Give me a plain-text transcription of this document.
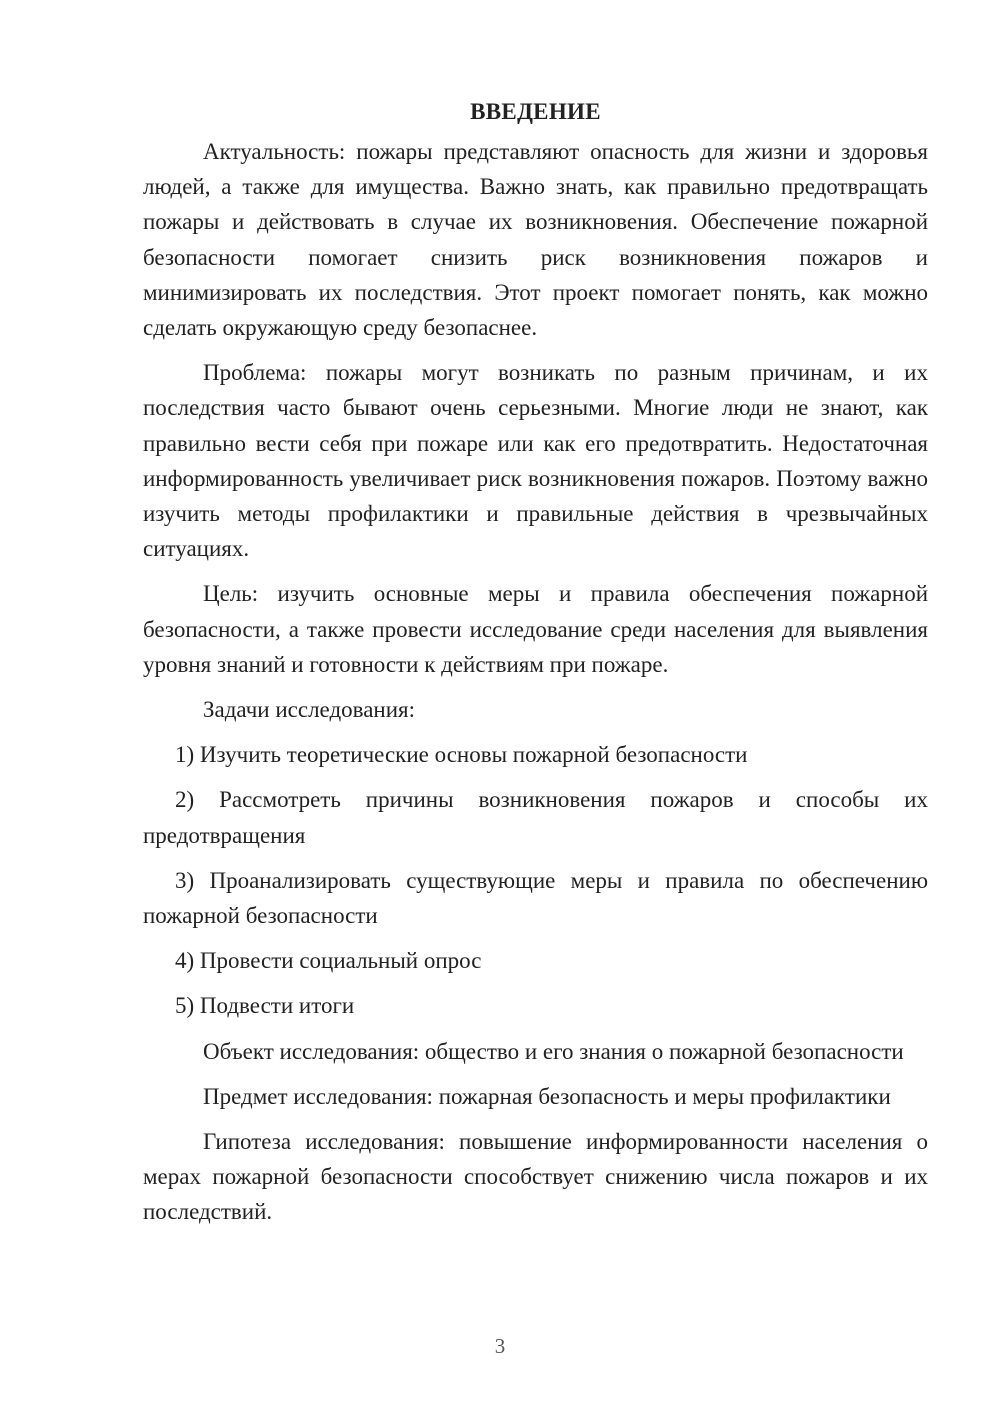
ВВЕДЕНИЕ

Актуальность: пожары представляют опасность для жизни и здоровья людей, а также для имущества. Важно знать, как правильно предотвращать пожары и действовать в случае их возникновения. Обеспечение пожарной безопасности помогает снизить риск возникновения пожаров и минимизировать их последствия. Этот проект помогает понять, как можно сделать окружающую среду безопаснее.

Проблема: пожары могут возникать по разным причинам, и их последствия часто бывают очень серьезными. Многие люди не знают, как правильно вести себя при пожаре или как его предотвратить. Недостаточная информированность увеличивает риск возникновения пожаров. Поэтому важно изучить методы профилактики и правильные действия в чрезвычайных ситуациях.

Цель: изучить основные меры и правила обеспечения пожарной безопасности, а также провести исследование среди населения для выявления уровня знаний и готовности к действиям при пожаре.

Задачи исследования:

1) Изучить теоретические основы пожарной безопасности

2) Рассмотреть причины возникновения пожаров и способы их предотвращения

3) Проанализировать существующие меры и правила по обеспечению пожарной безопасности

4) Провести социальный опрос

5) Подвести итоги

Объект исследования: общество и его знания о пожарной безопасности

Предмет исследования: пожарная безопасность и меры профилактики

Гипотеза исследования: повышение информированности населения о мерах пожарной безопасности способствует снижению числа пожаров и их последствий.

3
